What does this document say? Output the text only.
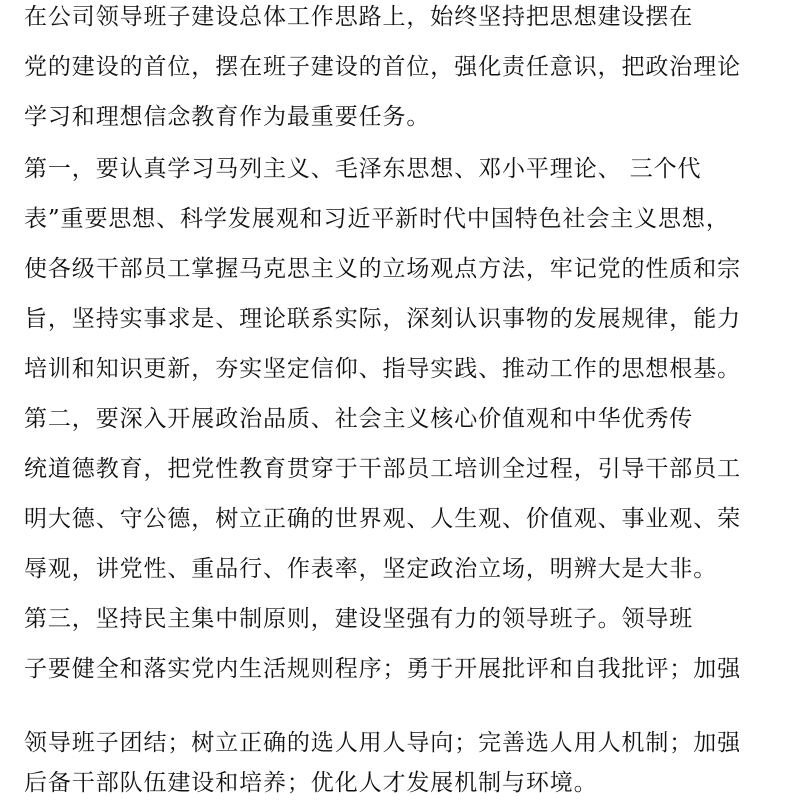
在公司领导班子建设总体工作思路上，始终坚持把思想建设摆在
党的建设的首位，摆在班子建设的首位，强化责任意识，把政治理论
学习和理想信念教育作为最重要任务。
第一，要认真学习马列主义、毛泽东思想、邓小平理论、 三个代
表”重要思想、科学发展观和习近平新时代中国特色社会主义思想，
使各级干部员工掌握马克思主义的立场观点方法，牢记党的性质和宗
旨，坚持实事求是、理论联系实际，深刻认识事物的发展规律，能力
培训和知识更新，夯实坚定信仰、指导实践、推动工作的思想根基。
第二，要深入开展政治品质、社会主义核心价值观和中华优秀传
统道德教育，把党性教育贯穿于干部员工培训全过程，引导干部员工
明大德、守公德，树立正确的世界观、人生观、价值观、事业观、荣
辱观，讲党性、重品行、作表率，坚定政治立场，明辨大是大非。
第三，坚持民主集中制原则，建设坚强有力的领导班子。领导班
子要健全和落实党内生活规则程序；勇于开展批评和自我批评；加强
领导班子团结；树立正确的选人用人导向；完善选人用人机制；加强
后备干部队伍建设和培养；优化人才发展机制与环境。
